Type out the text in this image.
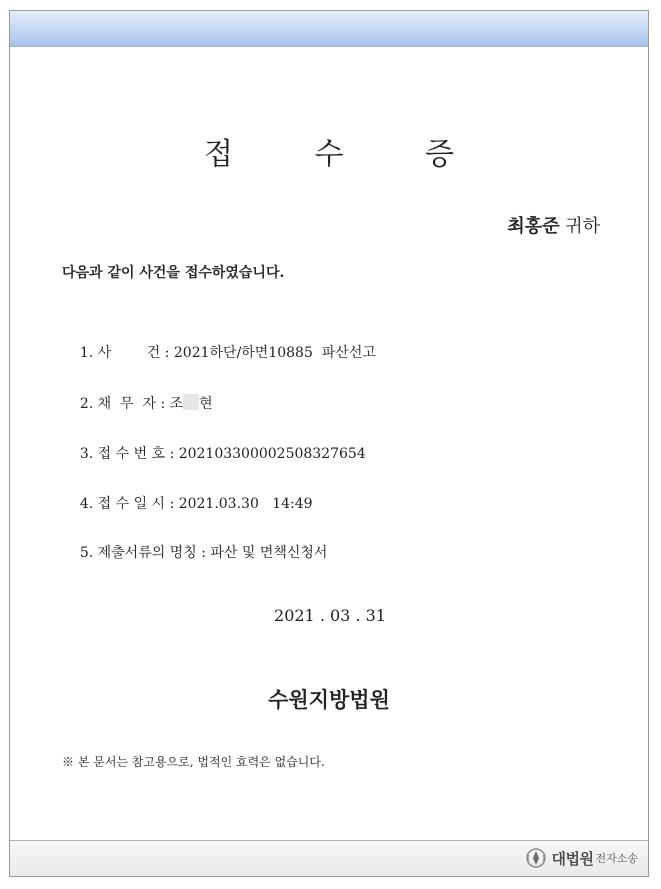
접 수 증
최홍준 귀하
다음과 같이 사건을 접수하였습니다.

1. 사        건 : 2021하단/하면10885  파산선고

2. 채  무  자 : 조 현

3. 접 수 번 호 : 20210330000250832765​4

4. 접 수 일 시 : 2021.03.30   14:49

5. 제출서류의 명칭 : 파산 및 면책신청서

2021 . 03 . 31
수원지방법원
※ 본 문서는 참고용으로, 법적인 효력은 없습니다.
대법원 전자소송
